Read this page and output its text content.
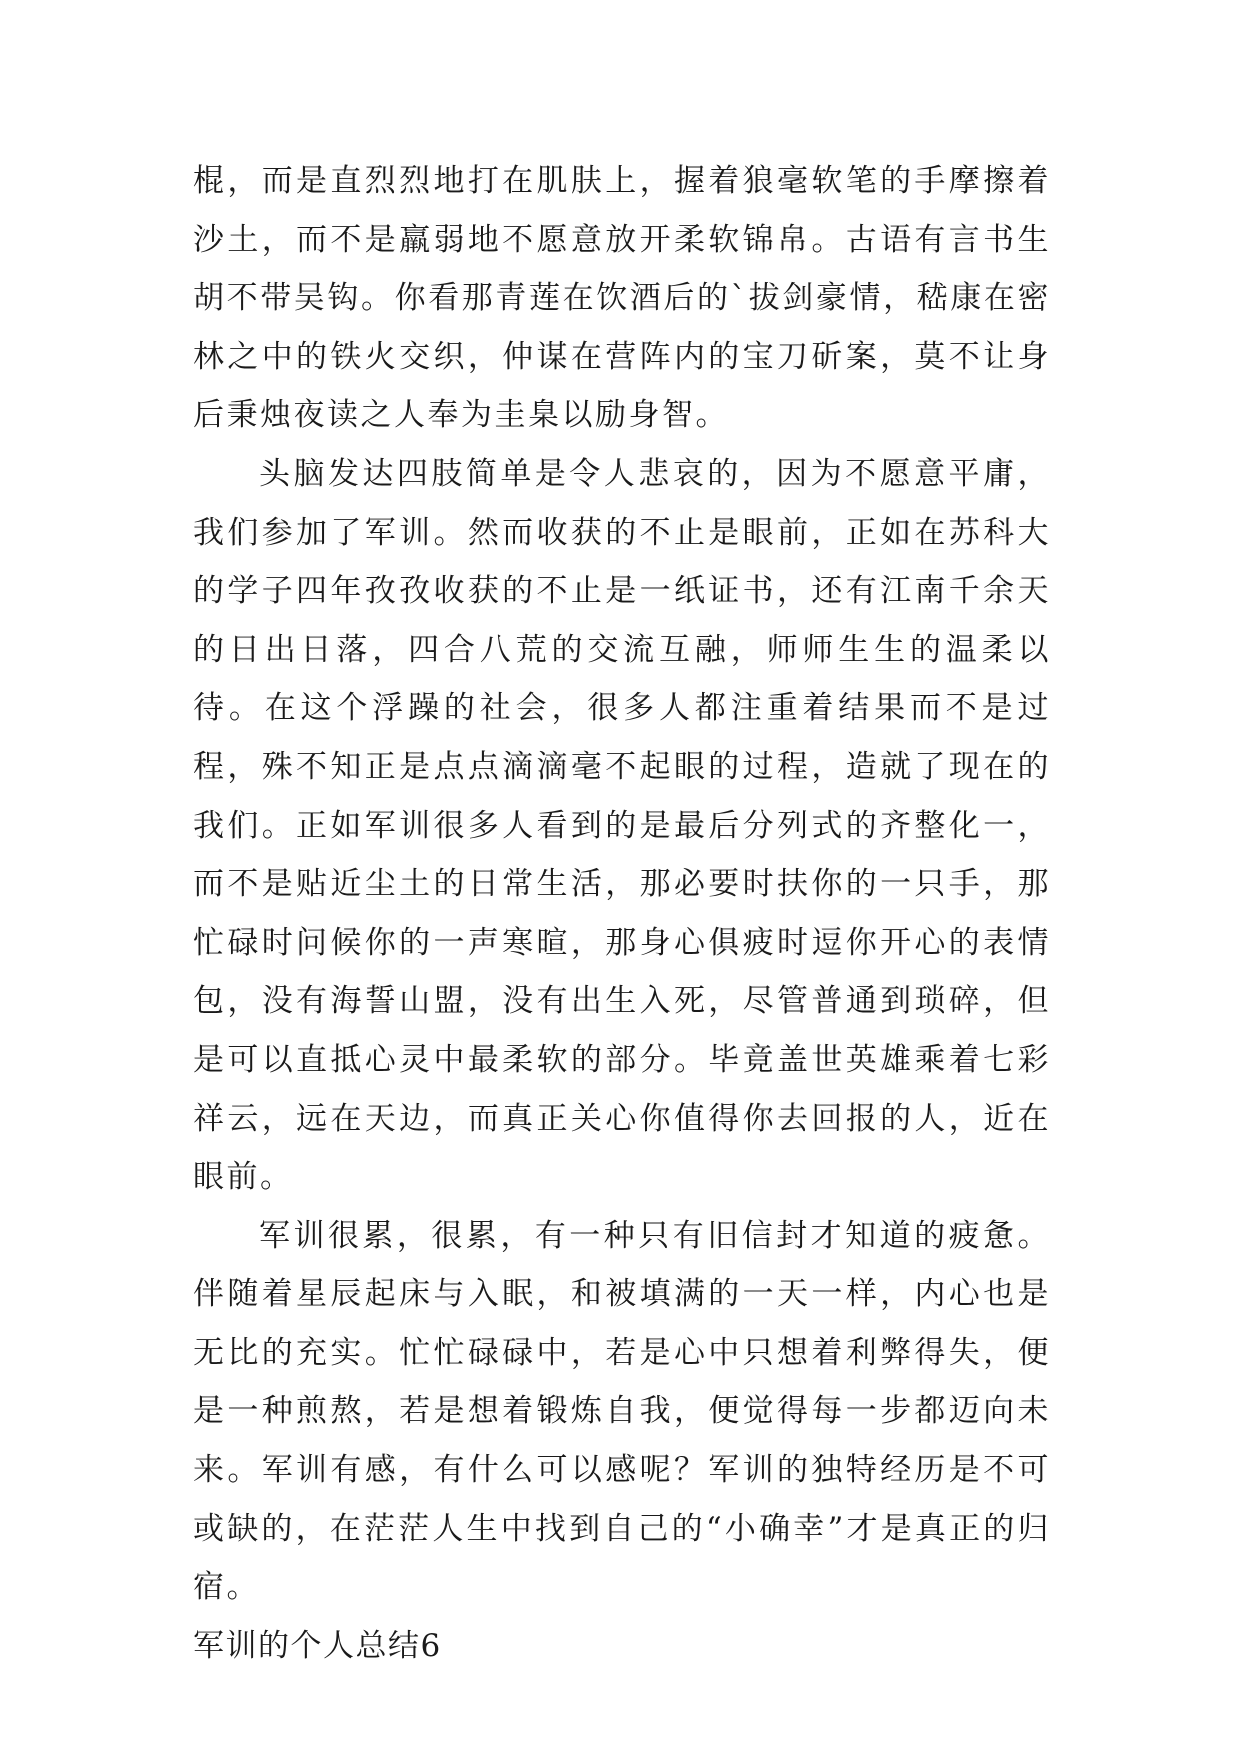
棍，而是直烈烈地打在肌肤上，握着狼毫软笔的手摩擦着沙土，而不是羸弱地不愿意放开柔软锦帛。古语有言书生胡不带吴钩。你看那青莲在饮酒后的`拔剑豪情，嵇康在密林之中的铁火交织，仲谋在营阵内的宝刀斫案，莫不让身后秉烛夜读之人奉为圭臬以励身智。

头脑发达四肢简单是令人悲哀的，因为不愿意平庸，我们参加了军训。然而收获的不止是眼前，正如在苏科大的学子四年孜孜收获的不止是一纸证书，还有江南千余天的日出日落，四合八荒的交流互融，师师生生的温柔以待。在这个浮躁的社会，很多人都注重着结果而不是过程，殊不知正是点点滴滴毫不起眼的过程，造就了现在的我们。正如军训很多人看到的是最后分列式的齐整化一，而不是贴近尘土的日常生活，那必要时扶你的一只手，那忙碌时问候你的一声寒暄，那身心俱疲时逗你开心的表情包，没有海誓山盟，没有出生入死，尽管普通到琐碎，但是可以直抵心灵中最柔软的部分。毕竟盖世英雄乘着七彩祥云，远在天边，而真正关心你值得你去回报的人，近在眼前。

军训很累，很累，有一种只有旧信封才知道的疲惫。伴随着星辰起床与入眠，和被填满的一天一样，内心也是无比的充实。忙忙碌碌中，若是心中只想着利弊得失，便是一种煎熬，若是想着锻炼自我，便觉得每一步都迈向未来。军训有感，有什么可以感呢？军训的独特经历是不可或缺的，在茫茫人生中找到自己的“小确幸”才是真正的归宿。

军训的个人总结6
